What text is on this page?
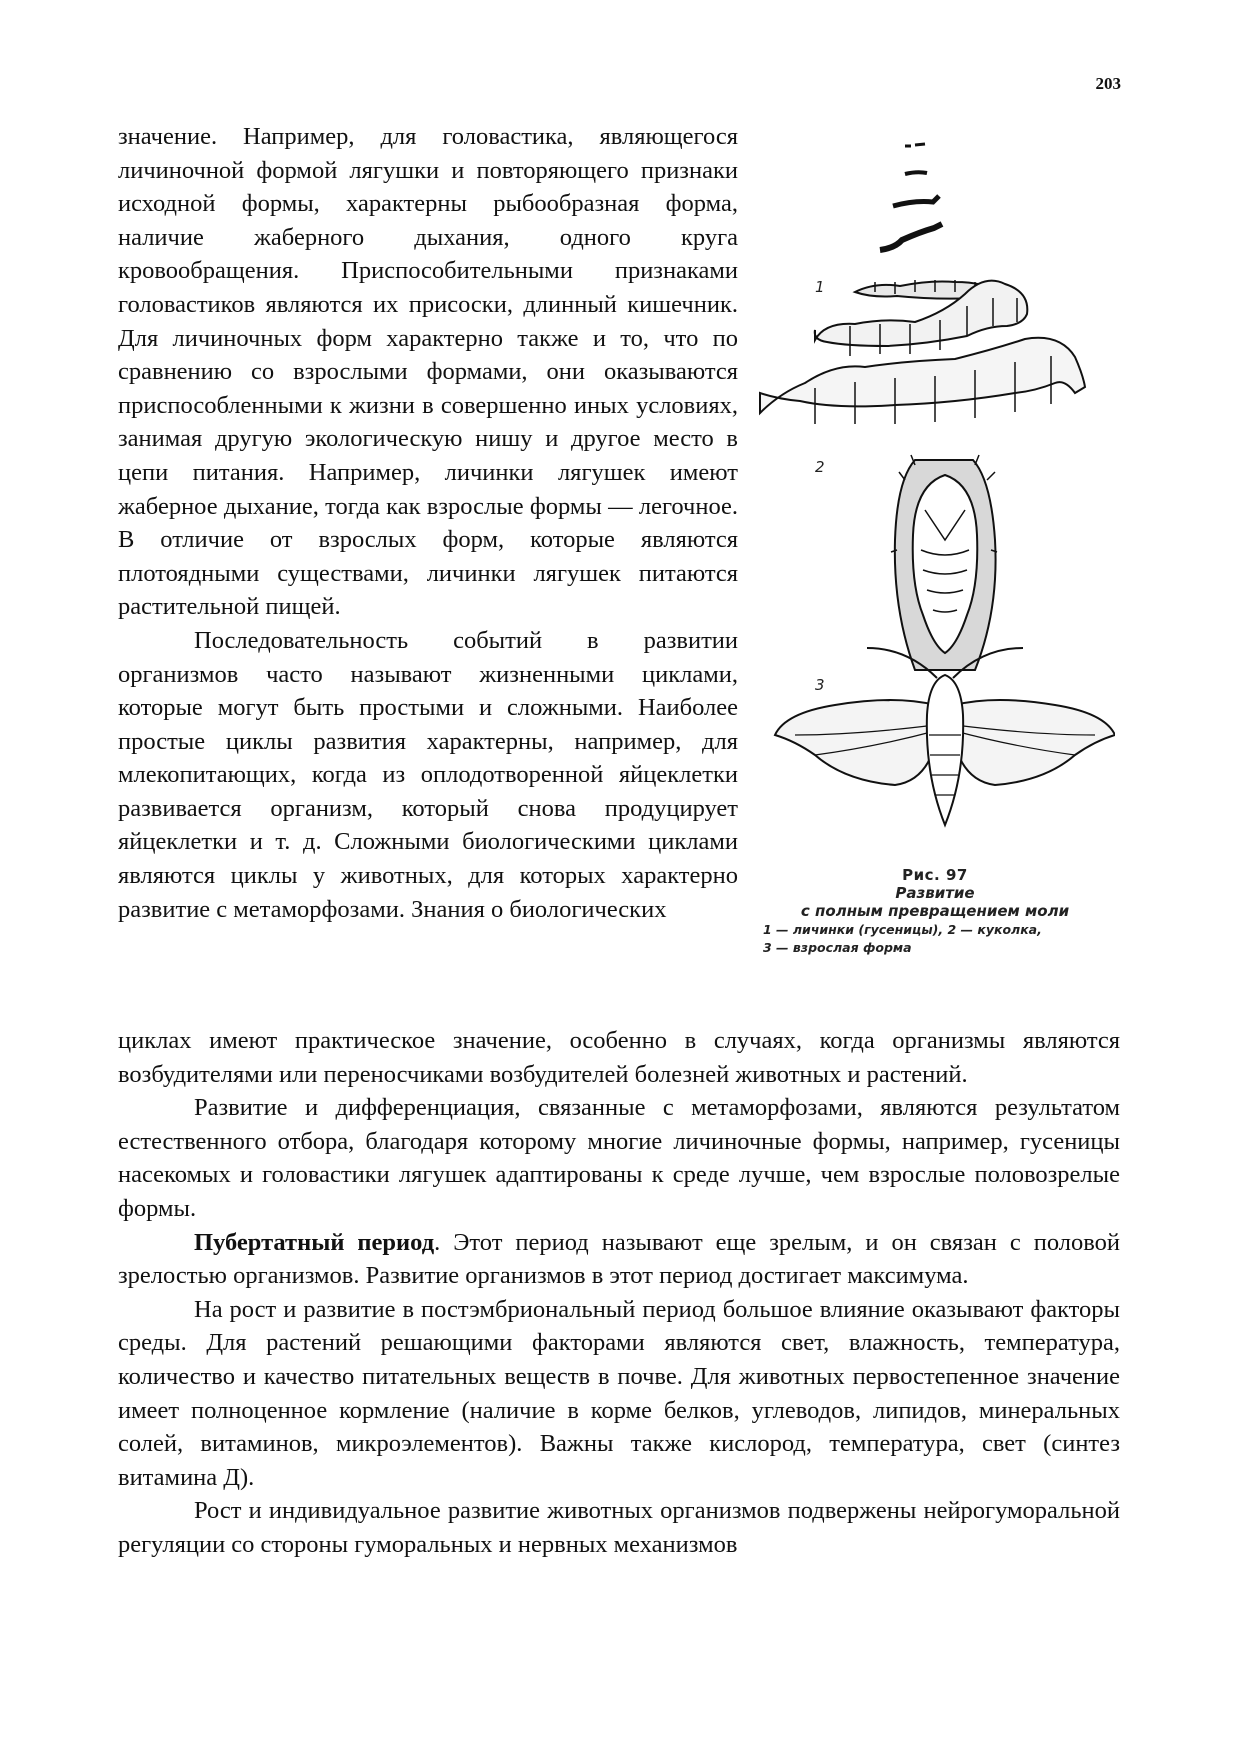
203

значение. Например, для головастика, являющегося личиночной формой лягушки и повторяющего признаки исходной формы, характерны рыбообразная форма, наличие жаберного дыхания, одного круга кровообращения. Приспособительными признаками головастиков являются их присоски, длинный кишечник. Для личиночных форм характерно также и то, что по сравнению со взрослыми формами, они оказываются приспособленными к жизни в совершенно иных условиях, занимая другую экологическую нишу и другое место в цепи питания. Например, личинки лягушек имеют жаберное дыхание, тогда как взрослые формы — легочное. В отличие от взрослых форм, которые являются плотоядными существами, личинки лягушек питаются растительной пищей.

Последовательность событий в развитии организмов часто называют жизненными циклами, которые могут быть простыми и сложными. Наиболее простые циклы развития характерны, например, для млекопитающих, когда из оплодотворенной яйцеклетки развивается организм, который снова продуцирует яйцеклетки и т. д. Сложными биологическими циклами являются циклы у животных, для которых характерно развитие с метаморфозами. Знания о биологических

1
2
3
Рис. 97
Развитие
с полным превращением моли
1 — личинки (гусеницы), 2 — куколка,
3 — взрослая форма

циклах имеют практическое значение, особенно в случаях, когда организмы являются возбудителями или переносчиками возбудителей болезней животных и растений.

Развитие и дифференциация, связанные с метаморфозами, являются результатом естественного отбора, благодаря которому многие личиночные формы, например, гусеницы насекомых и головастики лягушек адаптированы к среде лучше, чем взрослые половозрелые формы.

Пубертатный период. Этот период называют еще зрелым, и он связан с половой зрелостью организмов. Развитие организмов в этот период достигает максимума.

На рост и развитие в постэмбриональный период большое влияние оказывают факторы среды. Для растений решающими факторами являются свет, влажность, температура, количество и качество питательных веществ в почве. Для животных первостепенное значение имеет полноценное кормление (наличие в корме белков, углеводов, липидов, минеральных солей, витаминов, микроэлементов). Важны также кислород, температура, свет (синтез витамина Д).

Рост и индивидуальное развитие животных организмов подвержены нейрогуморальной регуляции со стороны гуморальных и нервных механизмов
